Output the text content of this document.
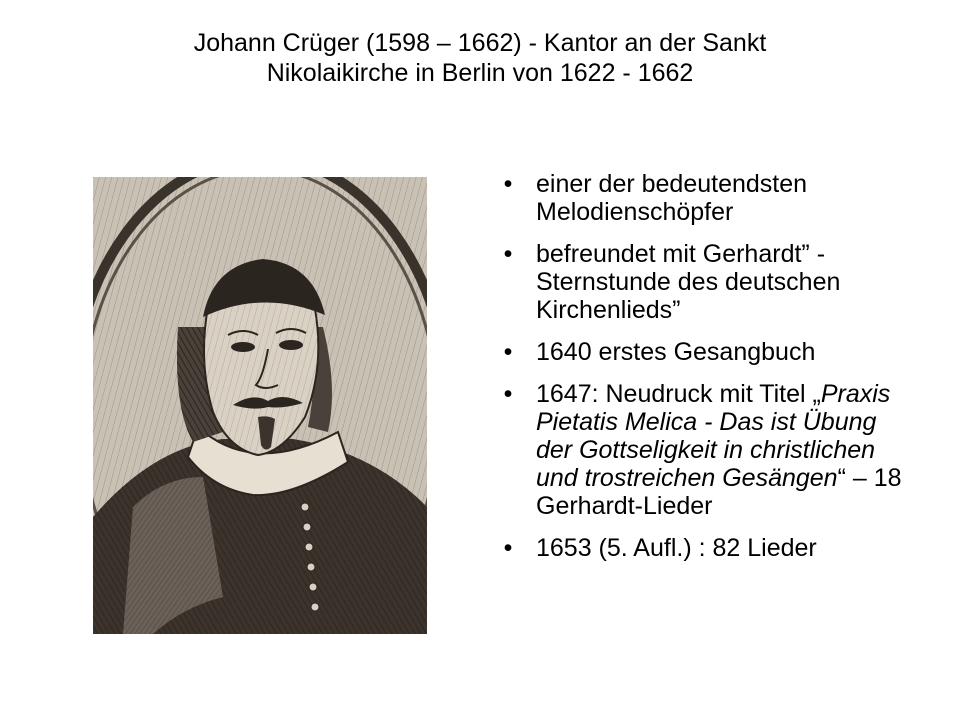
Johann Crüger (1598 – 1662) - Kantor an der Sankt
Nikolaikirche in Berlin von 1622 - 1662
• einer der bedeutendsten Melodienschöpfer
• befreundet mit Gerhardt” - Sternstunde des deutschen Kirchenlieds”
• 1640 erstes Gesangbuch
• 1647: Neudruck mit Titel „Praxis Pietatis Melica - Das ist Übung der Gottseligkeit in christlichen und trostreichen Gesängen“ – 18 Gerhardt-Lieder
• 1653 (5. Aufl.) : 82 Lieder
